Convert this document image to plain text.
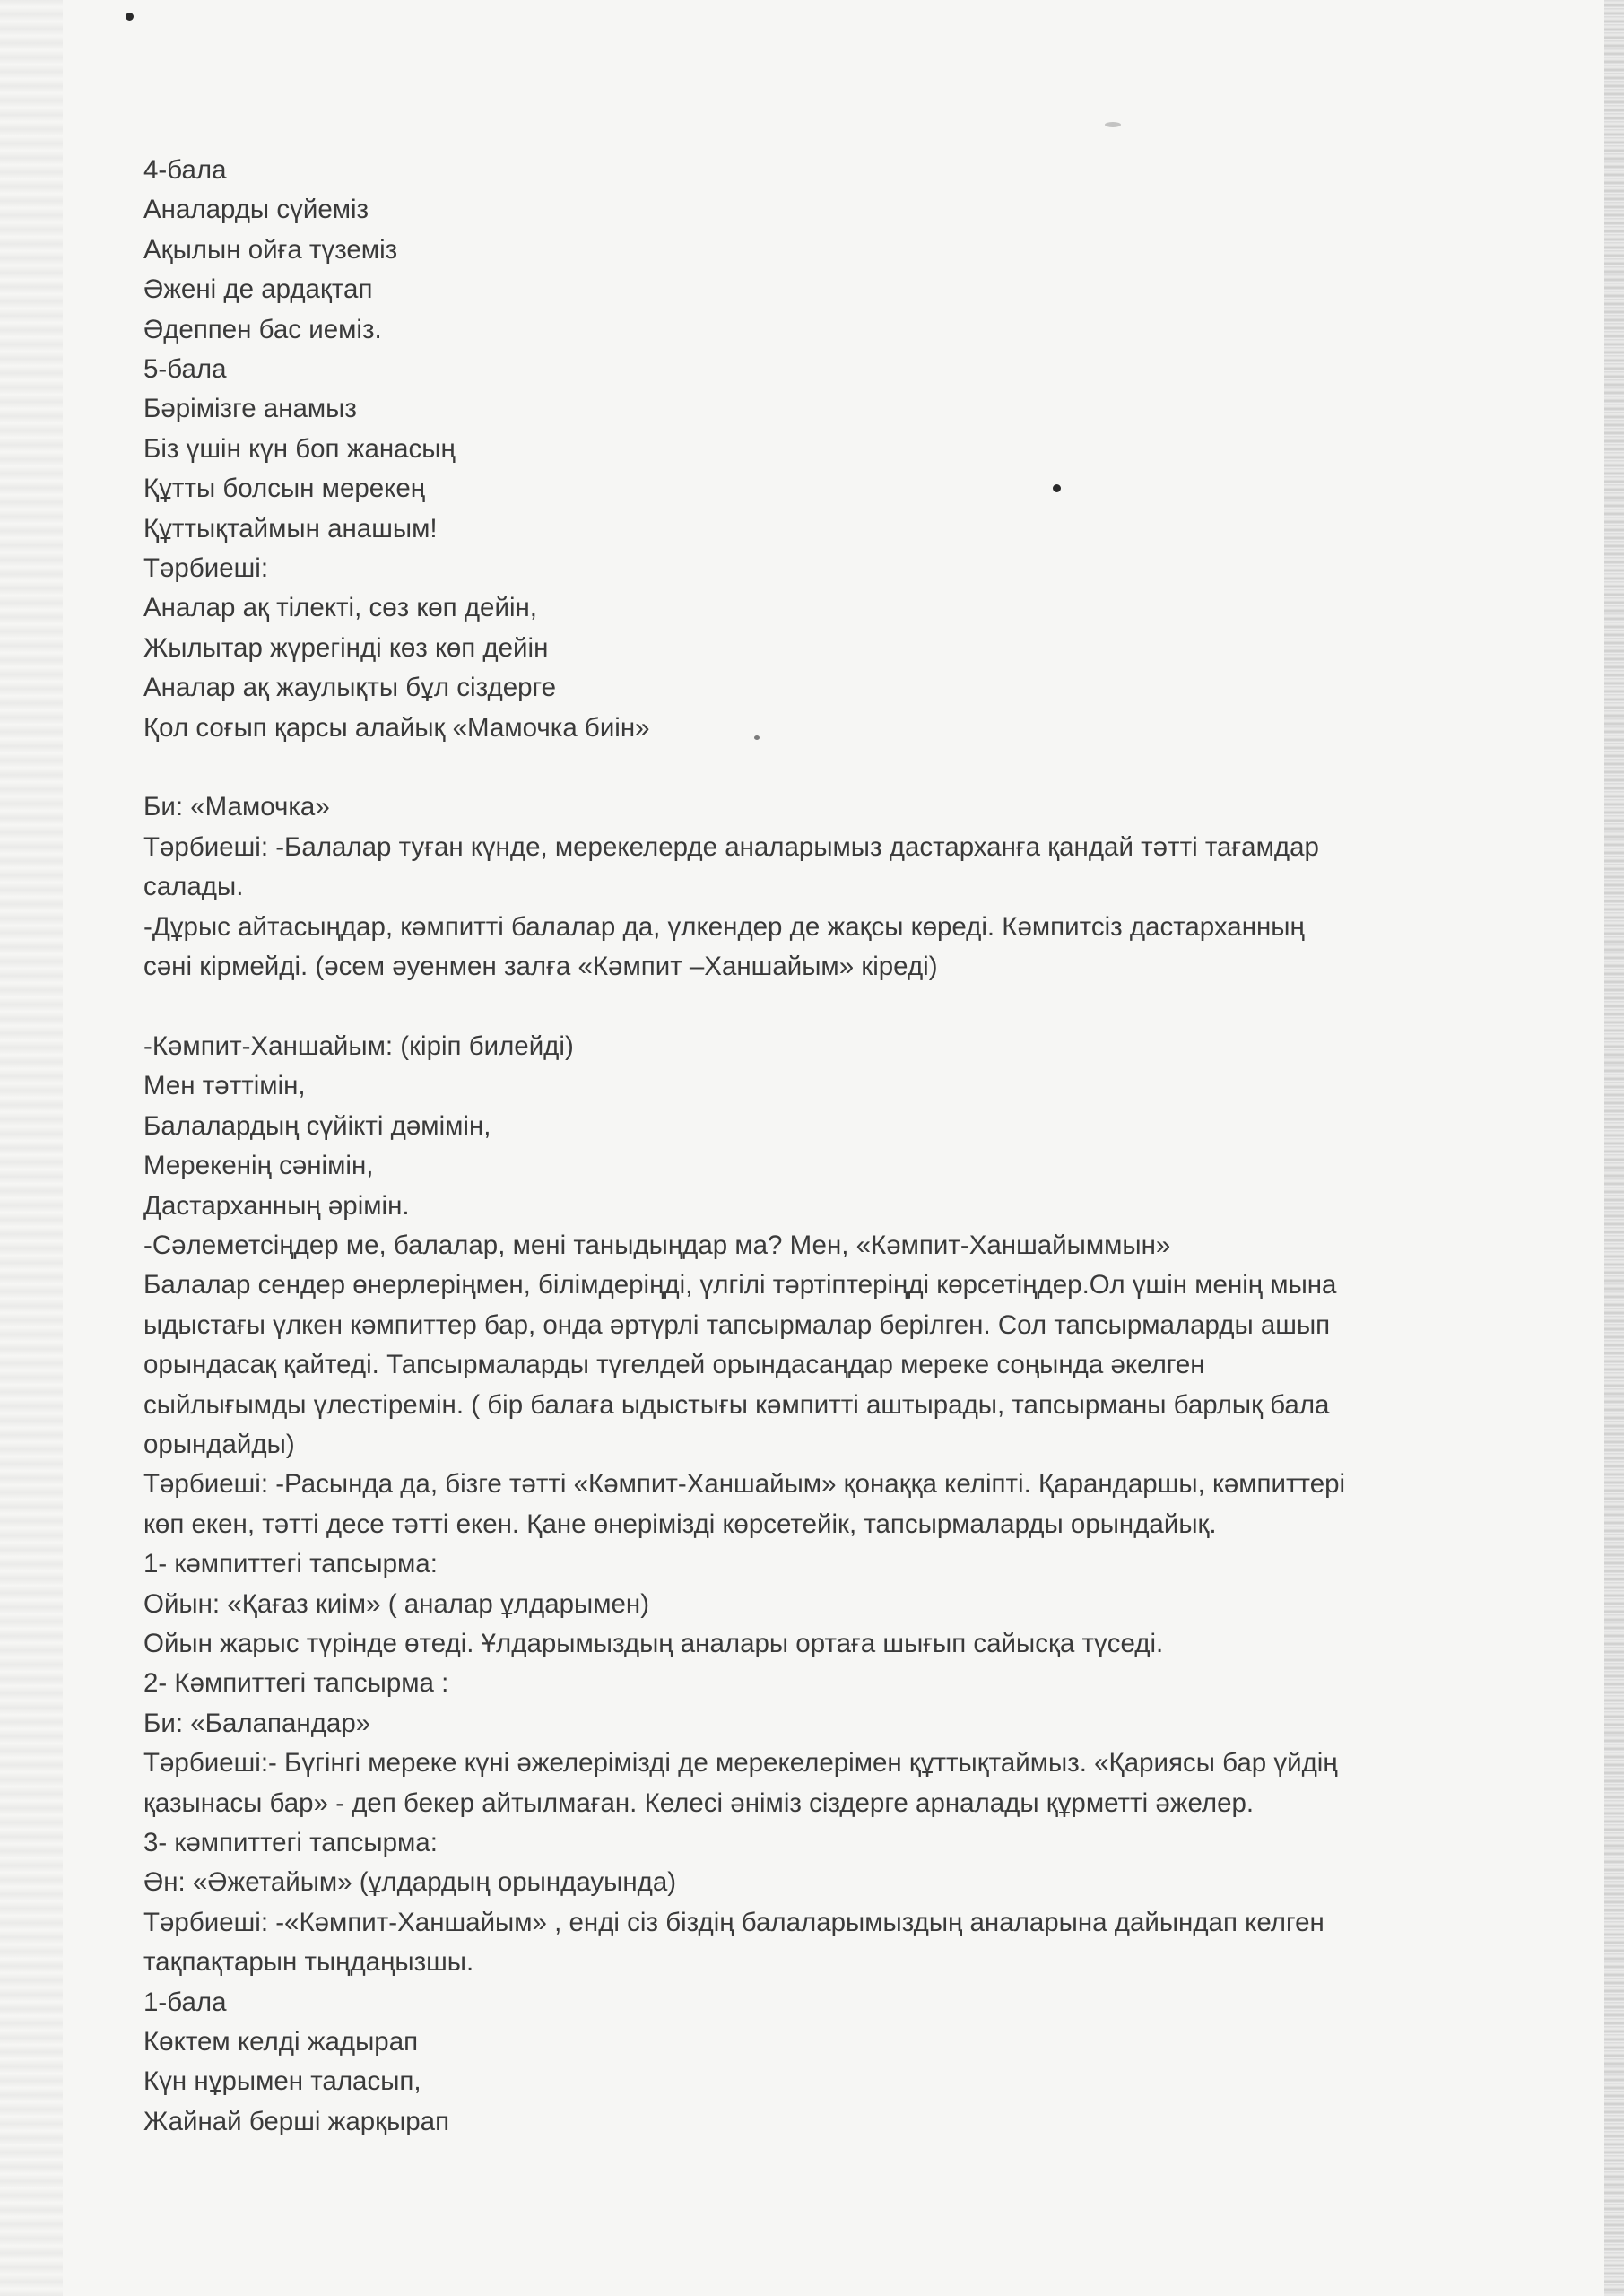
4-бала
Аналарды сүйеміз
Ақылын ойға түземіз
Әжені де ардақтап
Әдеппен бас иеміз.
5-бала
Бәрімізге анамыз
Біз үшін күн боп жанасың
Құтты болсын мерекең
Құттықтаймын анашым!
Тәрбиеші:
Аналар ақ тілекті, сөз көп дейін,
Жылытар жүрегінді көз көп дейін
Аналар ақ жаулықты бұл сіздерге
Қол соғып қарсы алайық «Мамочка биін»
Би: «Мамочка»
Тәрбиеші: -Балалар туған күнде, мерекелерде аналарымыз дастарханға қандай тәтті тағамдар
салады.
-Дұрыс айтасыңдар, кәмпитті балалар да, үлкендер де жақсы көреді. Кәмпитсіз дастарханның
сәні кірмейді. (әсем әуенмен залға «Кәмпит –Ханшайым» кіреді)
-Кәмпит-Ханшайым: (кіріп билейді)
Мен тәттімін,
Балалардың сүйікті дәмімін,
Мерекенің сәнімін,
Дастарханның әрімін.
-Сәлеметсіңдер ме, балалар, мені таныдыңдар ма? Мен, «Кәмпит-Ханшайыммын»
Балалар сендер өнерлеріңмен, білімдеріңді, үлгілі тәртіптеріңді көрсетіңдер.Ол үшін менің мына
ыдыстағы үлкен кәмпиттер бар, онда әртүрлі тапсырмалар берілген. Сол тапсырмаларды ашып
орындасақ қайтеді. Тапсырмаларды түгелдей орындасаңдар мереке соңында әкелген
сыйлығымды үлестіремін. ( бір балаға ыдыстығы кәмпитті аштырады, тапсырманы барлық бала
орындайды)
Тәрбиеші: -Расында да, бізге тәтті «Кәмпит-Ханшайым» қонаққа келіпті. Қарандаршы, кәмпиттері
көп екен, тәтті десе тәтті екен. Қане өнерімізді көрсетейік, тапсырмаларды орындайық.
1- кәмпиттегі тапсырма:
Ойын: «Қағаз киім» ( аналар ұлдарымен)
Ойын жарыс түрінде өтеді. Ұлдарымыздың аналары ортаға шығып сайысқа түседі.
2- Кәмпиттегі тапсырма :
Би: «Балапандар»
Тәрбиеші:- Бүгінгі мереке күні әжелерімізді де мерекелерімен құттықтаймыз. «Қариясы бар үйдің
қазынасы бар» - деп бекер айтылмаған. Келесі әніміз сіздерге арналады құрметті әжелер.
3- кәмпиттегі тапсырма:
Ән: «Әжетайым» (ұлдардың орындауында)
Тәрбиеші: -«Кәмпит-Ханшайым» , енді сіз біздің балаларымыздың аналарына дайындап келген
тақпақтарын тыңдаңызшы.
1-бала
Көктем келді жадырап
Күн нұрымен таласып,
Жайнай берші жарқырап
